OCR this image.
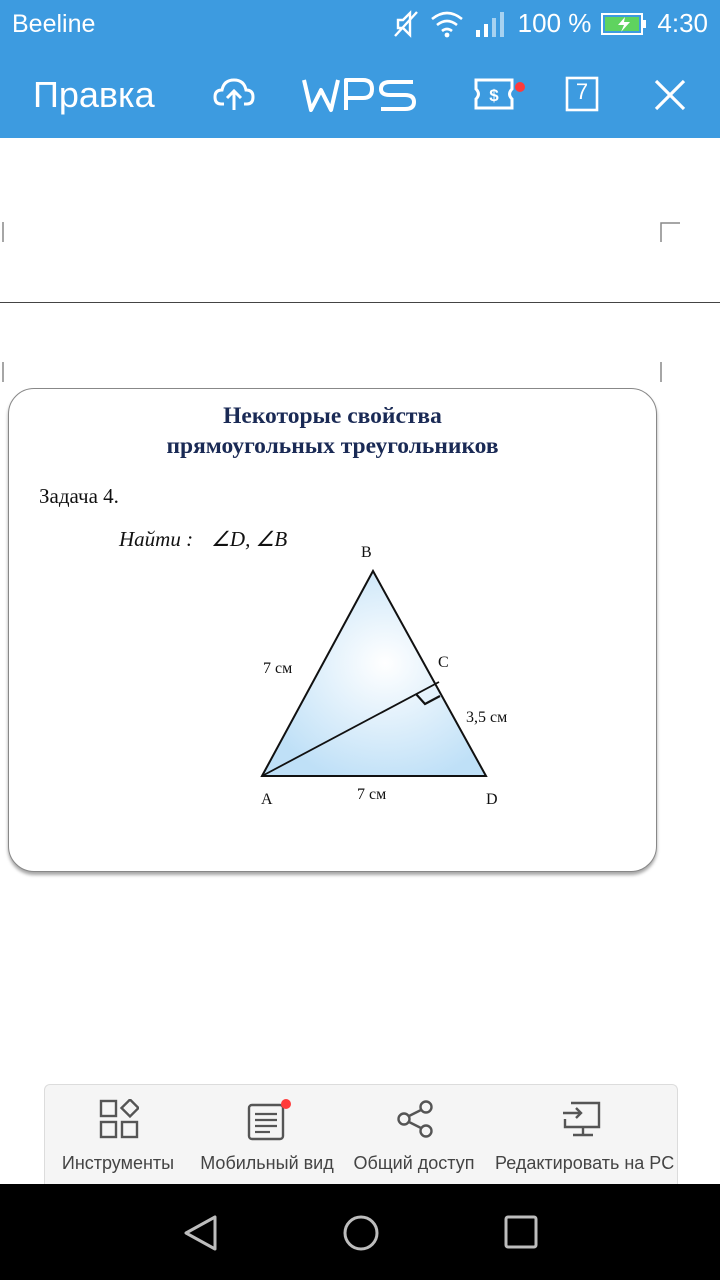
Beeline	100 %	4:30
Правка	$	7
Некоторые свойства
прямоугольных треугольников
Задача 4.
Найти : ∠D, ∠B
B
C
A	D
7 см
3,5 см
7 см
Инструменты	Мобильный вид	Общий доступ	Редактировать на PC
